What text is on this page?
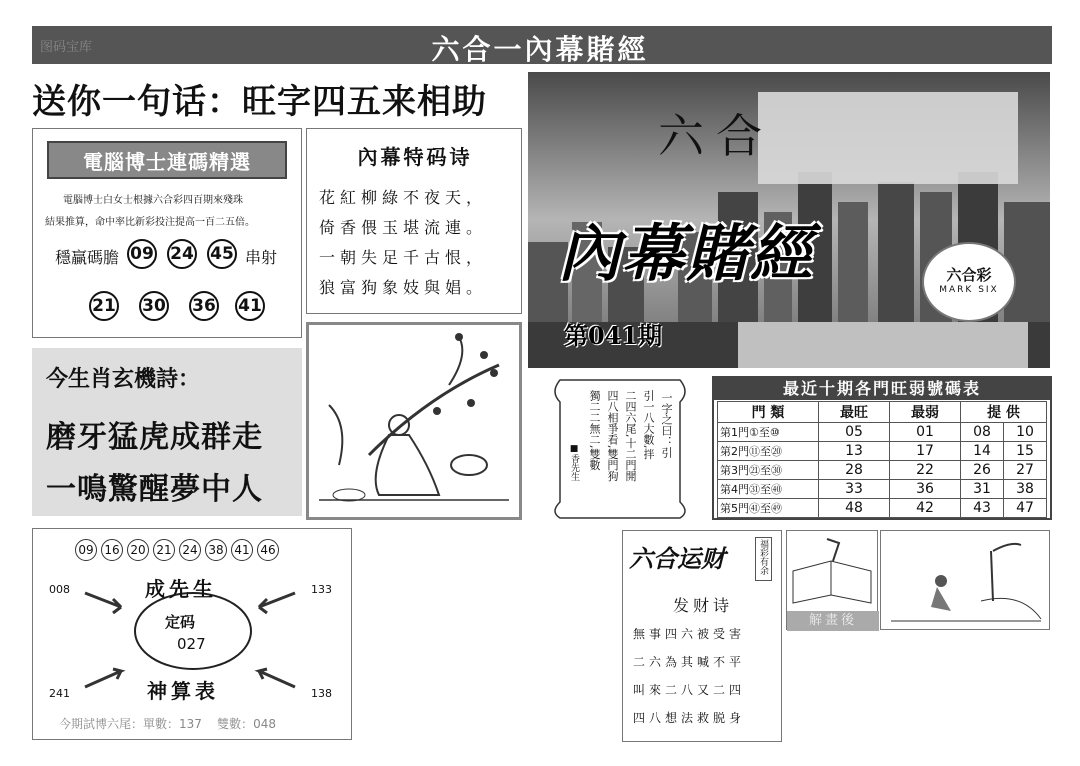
图码宝库	六合一內幕賭經
送你一句话：旺字四五来相助
電腦博士連碼精選
電腦博士白女士根據六合彩四百期來殘珠
結果推算，命中率比新彩投注提高一百二五倍。
穩贏碼膽 09 24 45 串射
21 30 36 41
內幕特码诗
花紅柳綠不夜天，
倚香偎玉堪流連。
一朝失足千古恨，
狼富狗象妓與娼。
六合
內幕賭經
第041期
六合彩
MARK SIX
今生肖玄機詩：
磨牙猛虎成群走
一鳴驚醒夢中人
一字之曰：引
引一八大數,拌
二四六尾,十二門開
四八相爭看,雙門狗
獨二二無二,雙數
■香先生
最近十期各門旺弱號碼表
門 類	最旺	最弱	提 供	
第1門①至⑩	05	01	08	10
第2門⑪至⑳	13	17	14	15
第3門㉑至㉚	28	22	26	27
第4門㉛至㊵	33	36	31	38
第5門㊶至㊾	48	42	43	47
09 16 20 21 24 38 41 46
成先生
定码
027
神算表
008	133
241	138
今期試博六尾：單數：137    雙數：048
六合运财	福彩有余
发财诗
無事四六被受害
二六為其喊不平
叫來二八又二四
四八想法救脱身
解畫後
